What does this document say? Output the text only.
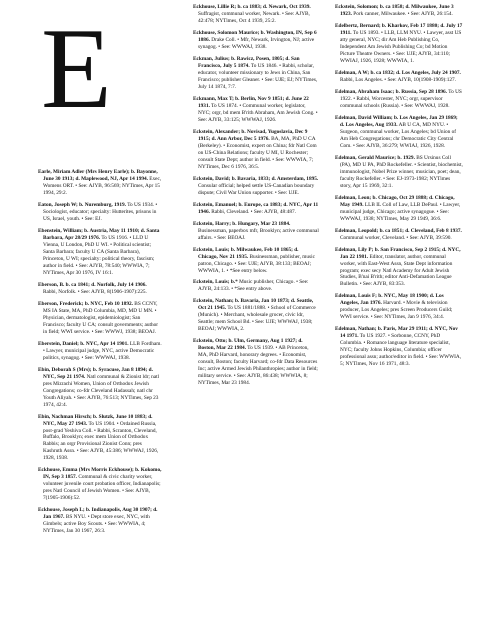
E

Earle, Miriam Adler (Mrs Henry Earle); b. Bayonne, June 30 1913; d. Maplewood, NJ, Apr 14 1994. Exec, Womens ORT. • See: AJYB, 96:569; NYTimes, Apr 15 1994, 29:2.

Eaton, Joseph W; b. Nuremburg, 1919. To US 1934. • Sociologist, educator; specialty: Hutterites, prisons in US, Israel, youth. • See: EJ.

Ebenstein, William; b. Austria, May 11 1910; d. Santa Barbara, Apr 28/29 1976. To US 1916. • LLD U Vienna, U London, PhD U WI. • Political scientist; Santa Barbara; faculty U CA (Santa Barbara), Princeton, U WI; specialty: political theory, fascism; author in field. • See: AJYB, 78:540; WWWIA, 7; NYTimes, Apr 30 1976, IV 16:1.

Eberson, B. b. ca 1841; d. Norfolk, July 14 1906. Rabbi, Norfolk. • See: AJYB, 8(1906-1907):225.

Eberson, Frederick; b. NYC, Feb 10 1892. BS CCNY, MS IA State, MA, PhD Columbia, MD, MD U MN. • Physician, dermatologist, epidemiologist; San Francisco; faculty U CA; consult governments; author in field; WWI service. • See: WWWJ, 1938; BEOAJ.

Eberstein, Daniel; b. NYC, Apr 14 1901. LLB Fordham. • Lawyer, municipal judge, NYC, active Democratic politics, synagog. • See: WWWAJ, 1938.

Ebin, Deborah S (Mrs); b. Syracuse, Jan 8 1894; d. NYC, Sep 21 1974. Natl communal & Zionist ldr; natl pres Mizrachi Women, Union of Orthodox Jewish Congregations; co-fdr Cleveland Hadassah; natl chr Youth Aliyah. • See: AJYB, 76:513; NYTimes, Sep 23 1974, 42:4.

Ebin, Nachman Hirsch; b. Slutzk, June 10 1883; d. NYC, May 27 1943. To US 1904. • Ordained Russia, post-grad Yeshiva Coll. • Rabbi, Scranton, Cleveland, Buffalo, Brooklyn; exec mem Union of Orthodox Rabbis; an orgr Provisional Zionist Conn; pres Kashruth Assn. • See: AJYB, 45:386; WWWAJ, 1926, 1928, 1938.

Eckhouse, Emma (Mrs Morris Eckhouse); b. Kokomo, IN, Sep 3 1857. Communal & civic charity worker, volunteer juvenile court probation officer, Indianapolis; pres Natl Council of Jewish Women. • See: AJYB, 7(1905-1906):52.

Eckhouse, Joseph L; b. Indianapolis, Aug 30 1907; d. Jan 1967. BS NYU. • Dept store exec, NYC, with Gimbels; active Boy Scouts. • See: WWWIA, 4; NYTimes, Jan 30 1967, 26:3.

Eckhouse, Lillie R; b. ca 1883; d. Newark, Oct 1939. Suffragist, communal worker, Newark. • See: AJYB, 42:478; NYTimes, Oct 4 1939, 25:2.

Eckhouse, Solomon Maurice; b. Washington, IN, Sep 6 1886. Drake Coll. • Mfr, Newark, Irvington, NJ; active synagog. • See: WWWAJ, 1938.

Eckman, Julius; b. Rawicz, Posen, 1805; d. San Francisco, July 5 1874. To US 1846. • Rabbi, scholar, educator, volunteer missionary to Jews in China, San Francisco; publisher Gleaner. • See: UJE; EJ; NYTimes, July 14 1874, 7:7.

Eckmann, Max T; b. Berlin, Nov 9 1851; d. June 22 1931. To US 1874. • Communal worker, legislator, NYC; orgr, bd mem B'rith Abraham, Am Jewish Cong. • See: AJYB, 33:125; WWWAJ, 1926.

Eckstein, Alexander; b. Novisad, Yugoslavia, Dec 9 1915; d. Ann Arbor, Dec 5 1976. BA, MA, PhD U CA (Berkeley). • Economist, expert on China; fdr Natl Com on US-China Relations; faculty U MI, U Rochester; consult State Dept; author in field. • See: WWWIA, 7; NYTimes, Dec 6 1976, 36:5.

Eckstein, David; b. Bavaria, 1833; d. Amsterdam, 1895. Consular official; helped settle US-Canadian boundary dispute; Civil War Union supporter. • See: UJE.

Eckstein, Emanuel; b. Europe, ca 1883; d. NYC, Apr 11 1946. Rabbi, Cleveland. • See: AJYB, 48:487.

Eckstein, Harry; b. Hungary, Mar 23 1884. Businessman, paperbox mfr, Brooklyn; active communal affairs. • See: BEOAJ.

Eckstein, Louis; b. Milwaukee, Feb 10 1865; d. Chicago, Nov 21 1935. Businessman, publisher, music patron, Chicago. • See: UJE; AJYB, 38:133; BEOAJ; WWWIA, 1. • *See entry below.

Eckstein, Louis; b.* Music publisher, Chicago. • See: AJYB, 24:133. • *See entry above.

Eckstein, Nathan; b. Bavaria, Jan 10 1873; d. Seattle, Oct 21 1945. To US 1881/1888. • School of Commerce (Munich). • Merchant, wholesale grocer, civic ldr, Seattle; mem School Bd. • See: UJE; WWWAJ, 1938; BEOAJ; WWWIA, 2.

Eckstein, Otto; b. Ulm, Germany, Aug 1 1927; d. Boston, Mar 22 1984. To US 1939. • AB Princeton, MA, PhD Harvard, honorary degrees. • Economist, consult, Boston; faculty Harvard; co-fdr Data Resources Inc; active Armed Jewish Philanthropies; author in field; military service. • See: AJYB, 86:438; WWWIA, 8; NYTimes, Mar 23 1984.

Eckstein, Solomon; b. ca 1858; d. Milwaukee, June 3 1923. Pork canner, Milwaukee. • See: AJYB, 26:154.

Edelbertz, Bernard; b. Kharkov, Feb 17 1880; d. July 17 1911. To US 1893. • LLB, LLM NYU. • Lawyer, asst US atty general, NYC; dir Am Heb Publishing Co, Independent Am Jewish Publishing Co; bd Motion Picture Theatre Owners. • See: UJE; AJYB, 34:110; WWIAJ, 1926, 1928; WWWIA, 1.

Edelman, A W; b. ca 1832; d. Los Angeles, July 24 1907. Rabbi, Los Angeles. • See: AJYB, 10(1908-1909):127.

Edelman, Abraham Isaac; b. Russia, Sep 28 1896. To US 1922. • Rabbi, Worcester, NYC; orgr, supervisor communal schools (Russia). • See: WWWAJ, 1928.

Edelman, David William; b. Los Angeles, Jan 29 1869; d. Los Angeles, Aug 1933. AB U CA, MD NYU. • Surgeon, communal worker, Los Angeles; bd Union of Am Heb Congregations; chr Democratic City Central Com. • See: AJYB, 36:279; WWIAJ, 1926, 1928.

Edelman, Gerald Maurice; b. 1929. BS Ursinus Coll (PA), MD U PA, PhD Rockefeller. • Scientist, biochemist, immunologist, Nobel Prize winner, musician, poet; dean, faculty Rockefeller. • See: EJ-1973-1982; NYTimes story, Apr 15 1969, 32:1.

Edelman, Leon; b. Chicago, Oct 29 1888; d. Chicago, May 1949. LLB IL Coll of Law, LLB DePaul. • Lawyer, municipal judge, Chicago; active synagogue. • See: WWWAJ, 1938; NYTimes, May 29 1949, 36:6.

Edelman, Leopold; b. ca 1851; d. Cleveland, Feb 8 1937. Communal worker, Cleveland. • See: AJYB, 39:590.

Edelman, Lily P; b. San Francisco, Sep 2 1915; d. NYC, Jan 22 1981. Editor, translator, author, communal worker, with East-West Assn, State Dept information program; exec secy Natl Academy for Adult Jewish Studies, B'nai B'rith; editor Anti-Defamation League Bulletin. • See: AJYB, 83:353.

Edelman, Louis F; b. NYC, May 18 1900; d. Los Angeles, Jan 1976. Harvard. • Movie & television producer, Los Angeles; pres Screen Producers Guild; WWI service. • See: NYTimes, Jan 9 1976, 34:4.

Edelman, Nathan; b. Paris, Mar 29 1911; d. NYC, Nov 14 1971. To US 1927. • Sorbonne, CCNY, PhD Columbia. • Romance language literature specialist, NYC; faculty Johns Hopkins, Columbia; officer professional assn; author/editor in field. • See: WWWIA, 5; NYTimes, Nov 16 1971, 48:3.
